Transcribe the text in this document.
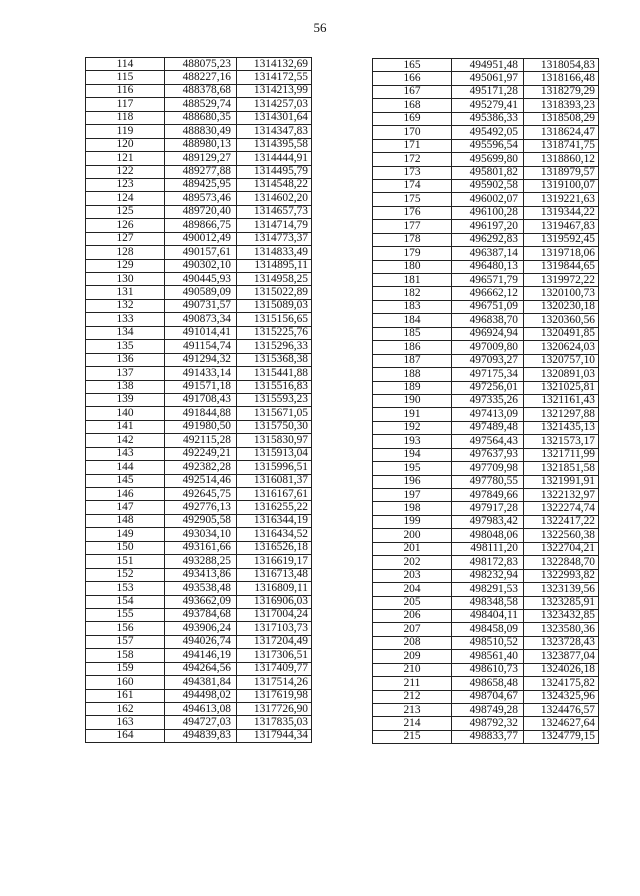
56
114	488075,23	1314132,69
115	488227,16	1314172,55
116	488378,68	1314213,99
117	488529,74	1314257,03
118	488680,35	1314301,64
119	488830,49	1314347,83
120	488980,13	1314395,58
121	489129,27	1314444,91
122	489277,88	1314495,79
123	489425,95	1314548,22
124	489573,46	1314602,20
125	489720,40	1314657,73
126	489866,75	1314714,79
127	490012,49	1314773,37
128	490157,61	1314833,49
129	490302,10	1314895,11
130	490445,93	1314958,25
131	490589,09	1315022,89
132	490731,57	1315089,03
133	490873,34	1315156,65
134	491014,41	1315225,76
135	491154,74	1315296,33
136	491294,32	1315368,38
137	491433,14	1315441,88
138	491571,18	1315516,83
139	491708,43	1315593,23
140	491844,88	1315671,05
141	491980,50	1315750,30
142	492115,28	1315830,97
143	492249,21	1315913,04
144	492382,28	1315996,51
145	492514,46	1316081,37
146	492645,75	1316167,61
147	492776,13	1316255,22
148	492905,58	1316344,19
149	493034,10	1316434,52
150	493161,66	1316526,18
151	493288,25	1316619,17
152	493413,86	1316713,48
153	493538,48	1316809,11
154	493662,09	1316906,03
155	493784,68	1317004,24
156	493906,24	1317103,73
157	494026,74	1317204,49
158	494146,19	1317306,51
159	494264,56	1317409,77
160	494381,84	1317514,26
161	494498,02	1317619,98
162	494613,08	1317726,90
163	494727,03	1317835,03
164	494839,83	1317944,34
165	494951,48	1318054,83
166	495061,97	1318166,48
167	495171,28	1318279,29
168	495279,41	1318393,23
169	495386,33	1318508,29
170	495492,05	1318624,47
171	495596,54	1318741,75
172	495699,80	1318860,12
173	495801,82	1318979,57
174	495902,58	1319100,07
175	496002,07	1319221,63
176	496100,28	1319344,22
177	496197,20	1319467,83
178	496292,83	1319592,45
179	496387,14	1319718,06
180	496480,13	1319844,65
181	496571,79	1319972,22
182	496662,12	1320100,73
183	496751,09	1320230,18
184	496838,70	1320360,56
185	496924,94	1320491,85
186	497009,80	1320624,03
187	497093,27	1320757,10
188	497175,34	1320891,03
189	497256,01	1321025,81
190	497335,26	1321161,43
191	497413,09	1321297,88
192	497489,48	1321435,13
193	497564,43	1321573,17
194	497637,93	1321711,99
195	497709,98	1321851,58
196	497780,55	1321991,91
197	497849,66	1322132,97
198	497917,28	1322274,74
199	497983,42	1322417,22
200	498048,06	1322560,38
201	498111,20	1322704,21
202	498172,83	1322848,70
203	498232,94	1322993,82
204	498291,53	1323139,56
205	498348,58	1323285,91
206	498404,11	1323432,85
207	498458,09	1323580,36
208	498510,52	1323728,43
209	498561,40	1323877,04
210	498610,73	1324026,18
211	498658,48	1324175,82
212	498704,67	1324325,96
213	498749,28	1324476,57
214	498792,32	1324627,64
215	498833,77	1324779,15
